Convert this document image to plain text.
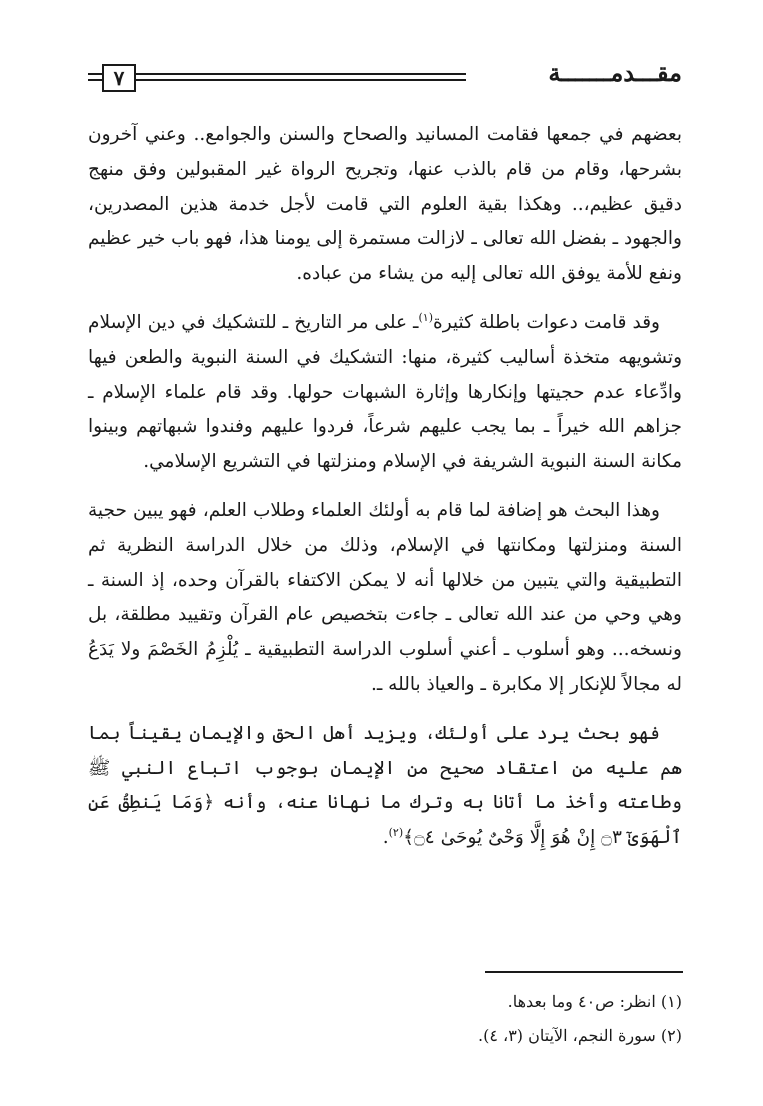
٧	مقـــدمـــــــة

بعضهم في جمعها فقامت المسانيد والصحاح والسنن والجوامع.. وعني آخرون بشرحها، وقام من قام بالذب عنها، وتجريح الرواة غير المقبولين وفق منهج دقيق عظيم،.. وهكذا بقية العلوم التي قامت لأجل خدمة هذين المصدرين، والجهود ـ بفضل الله تعالى ـ لازالت مستمرة إلى يومنا هذا، فهو باب خير عظيم ونفع للأمة يوفق الله تعالى إليه من يشاء من عباده.

وقد قامت دعوات باطلة كثيرة$^{(١)}$ـ على مر التاريخ ـ للتشكيك في دين الإسلام وتشويهه متخذة أساليب كثيرة، منها: التشكيك في السنة النبوية والطعن فيها وادِّعاء عدم حجيتها وإنكارها وإثارة الشبهات حولها. وقد قام علماء الإسلام ـ جزاهم الله خيراً ـ بما يجب عليهم شرعاً، فردوا عليهم وفندوا شبهاتهم وبينوا مكانة السنة النبوية الشريفة في الإسلام ومنزلتها في التشريع الإسلامي.

وهذا البحث هو إضافة لما قام به أولئك العلماء وطلاب العلم، فهو يبين حجية السنة ومنزلتها ومكانتها في الإسلام، وذلك من خلال الدراسة النظرية ثم التطبيقية والتي يتبين من خلالها أنه لا يمكن الاكتفاء بالقرآن وحده، إذ السنة ـ وهي وحي من عند الله تعالى ـ جاءت بتخصيص عام القرآن وتقييد مطلقة، بل ونسخه... وهو أسلوب ـ أعني أسلوب الدراسة التطبيقية ـ يُلْزِمُ الخَصْمَ ولا يَدَعُ له مجالاً للإنكار إلا مكابرة ـ والعياذ بالله ـ.

فهو بحث يرد على أولئك، ويزيد أهل الحق والإيمان يقيناً بما هم عليه من اعتقاد صحيح من الإيمان بوجوب اتباع النبي ﷺ وطاعته وأخذ ما أتانا به وترك ما نهانا عنه، وأنه ﴿وَمَا يَنطِقُ عَنِ ٱلْهَوَىٰٓ ۝٣ إِنْ هُوَ إِلَّا وَحْىٌ يُوحَىٰ ۝٤﴾$^{(٢)}$.

(١) انظر: ص٤٠ وما بعدها.
(٢) سورة النجم، الآيتان (٣، ٤).
